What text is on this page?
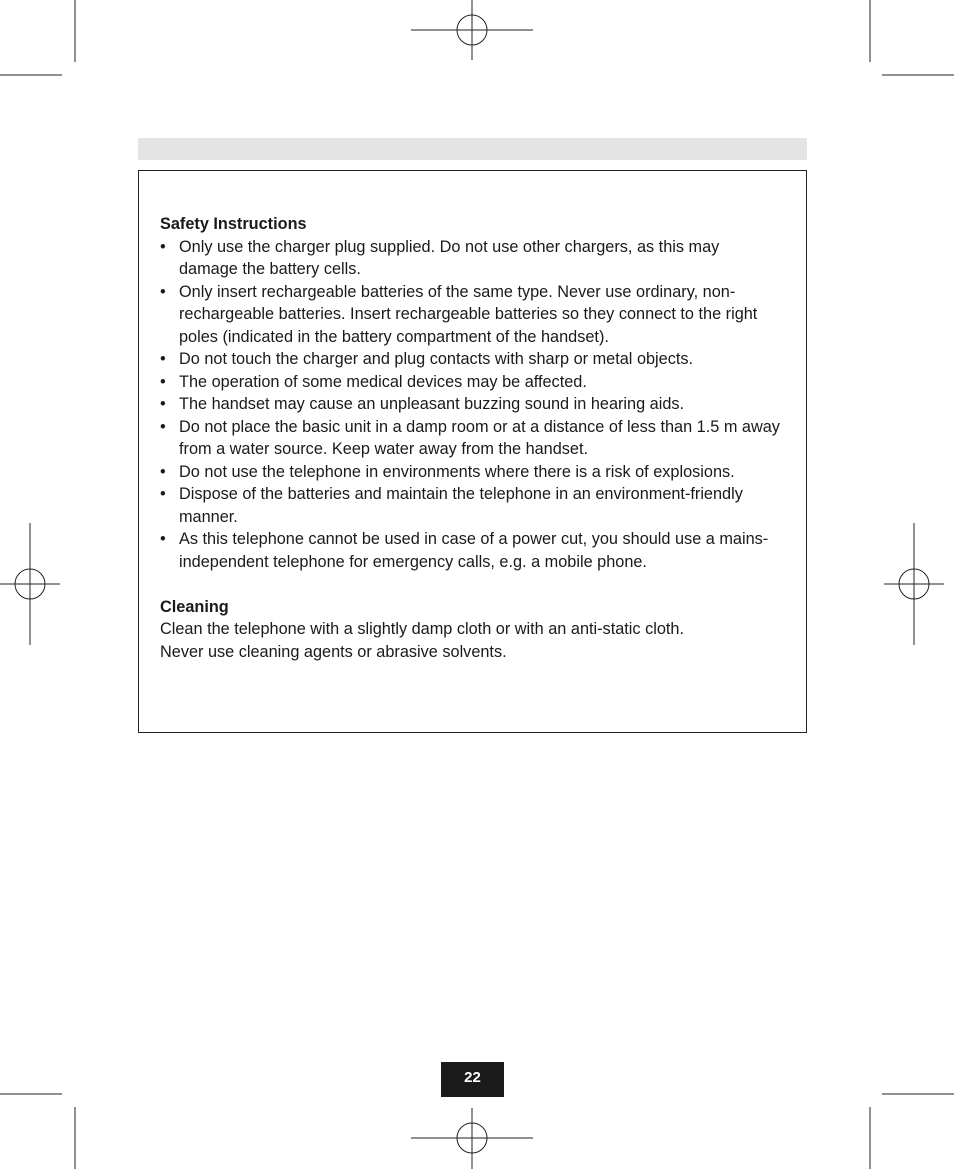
Safety Instructions

• Only use the charger plug supplied. Do not use other chargers, as this may damage the battery cells.
• Only insert rechargeable batteries of the same type. Never use ordinary, non-rechargeable batteries. Insert rechargeable batteries so they connect to the right poles (indicated in the battery compartment of the handset).
• Do not touch the charger and plug contacts with sharp or metal objects.
• The operation of some medical devices may be affected.
• The handset may cause an unpleasant buzzing sound in hearing aids.
• Do not place the basic unit in a damp room or at a distance of less than 1.5 m away from a water source. Keep water away from the handset.
• Do not use the telephone in environments where there is a risk of explosions.
• Dispose of the batteries and maintain the telephone in an environment-friendly manner.
• As this telephone cannot be used in case of a power cut, you should use a mains-independent telephone for emergency calls, e.g. a mobile phone.

Cleaning

Clean the telephone with a slightly damp cloth or with an anti-static cloth.

Never use cleaning agents or abrasive solvents.

22
